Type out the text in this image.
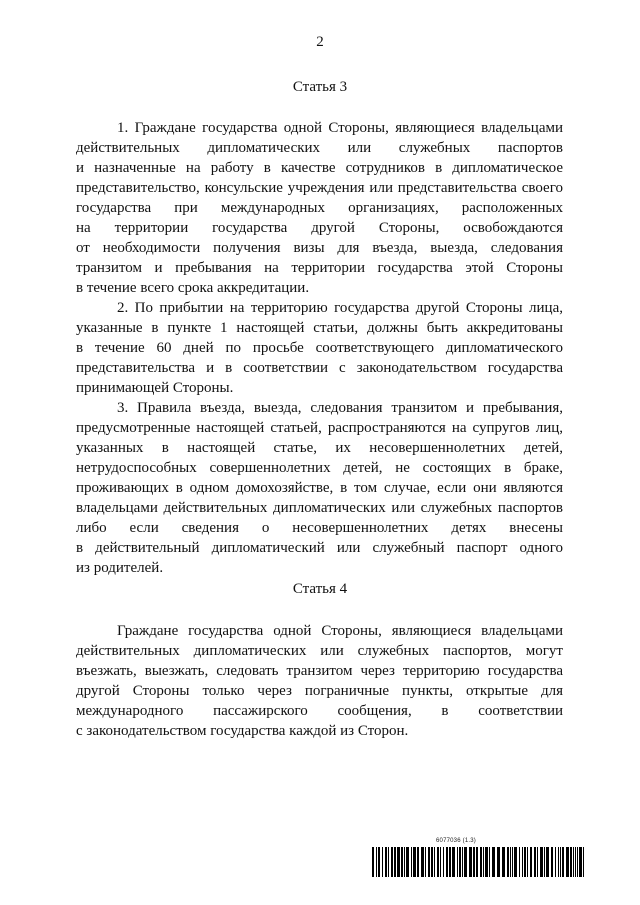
2
Статья 3

1. Граждане государства одной Стороны, являющиеся владельцами
действительных дипломатических или служебных паспортов
и назначенные на работу в качестве сотрудников в дипломатическое
представительство, консульские учреждения или представительства своего
государства при международных организациях, расположенных
на территории государства другой Стороны, освобождаются
от необходимости получения визы для въезда, выезда, следования
транзитом и пребывания на территории государства этой Стороны
в течение всего срока аккредитации.

2. По прибытии на территорию государства другой Стороны лица,
указанные в пункте 1 настоящей статьи, должны быть аккредитованы
в течение 60 дней по просьбе соответствующего дипломатического
представительства и в соответствии с законодательством государства
принимающей Стороны.

3. Правила въезда, выезда, следования транзитом и пребывания,
предусмотренные настоящей статьей, распространяются на супругов лиц,
указанных в настоящей статье, их несовершеннолетних детей,
нетрудоспособных совершеннолетних детей, не состоящих в браке,
проживающих в одном домохозяйстве, в том случае, если они являются
владельцами действительных дипломатических или служебных паспортов
либо если сведения о несовершеннолетних детях внесены
в действительный дипломатический или служебный паспорт одного
из родителей.

Статья 4

Граждане государства одной Стороны, являющиеся владельцами
действительных дипломатических или служебных паспортов, могут
въезжать, выезжать, следовать транзитом через территорию государства
другой Стороны только через пограничные пункты, открытые для
международного пассажирского сообщения, в соответствии
с законодательством государства каждой из Сторон.

6077036 (1.3)
